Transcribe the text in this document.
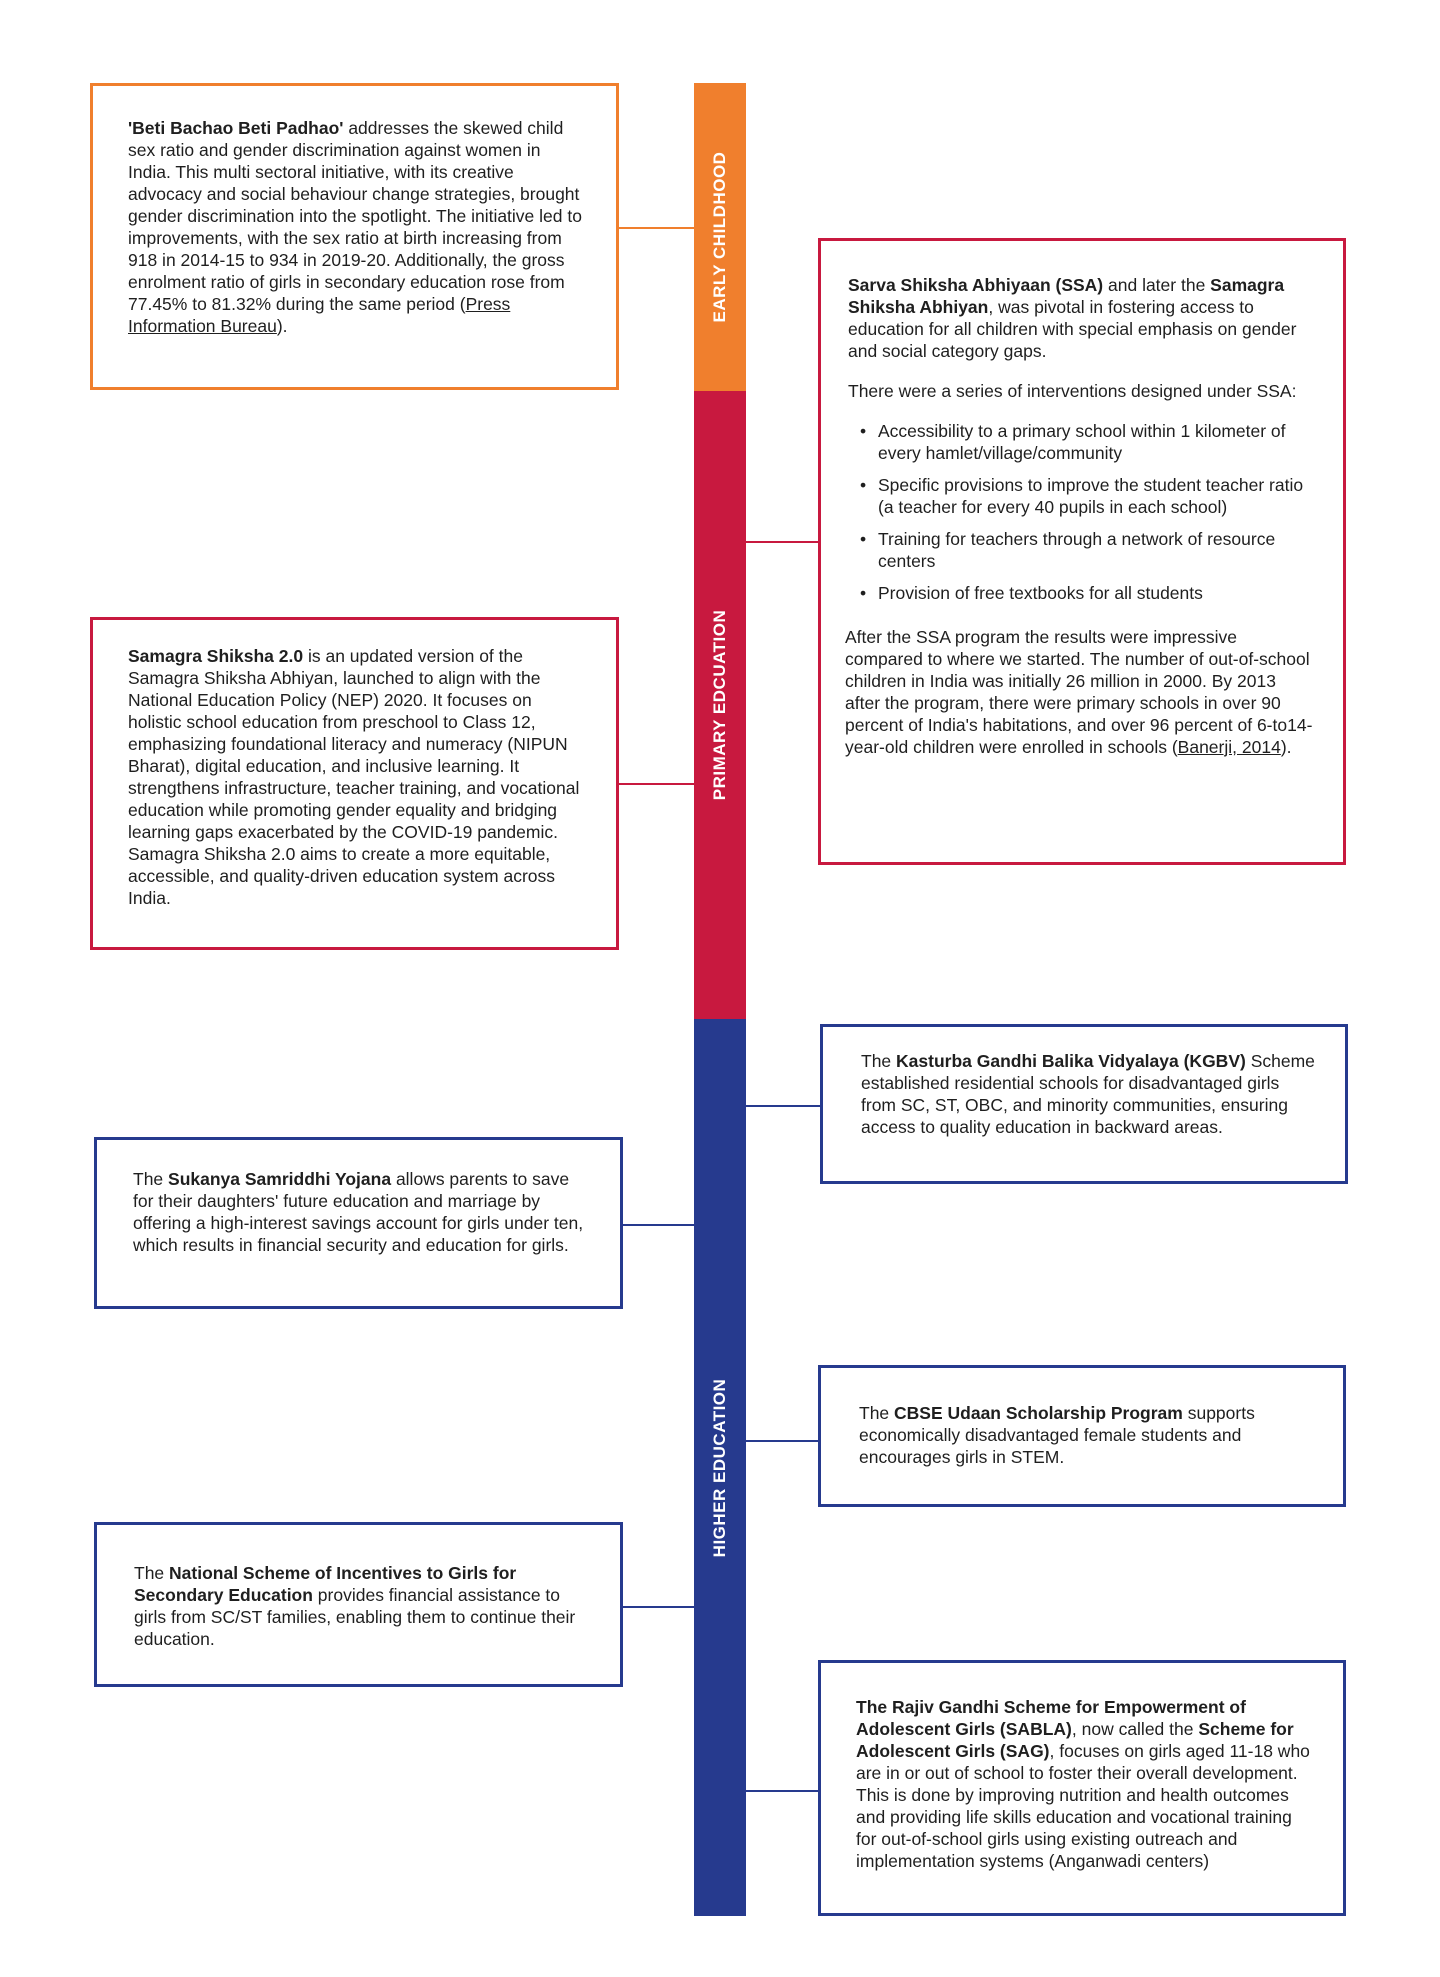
EARLY CHILDHOOD
PRIMARY EDCUATION
HIGHER EDUCATION

'Beti Bachao Beti Padhao' addresses the skewed child sex ratio and gender discrimination against women in India. This multi sectoral initiative, with its creative advocacy and social behaviour change strategies, brought gender discrimination into the spotlight. The initiative led to improvements, with the sex ratio at birth increasing from 918 in 2014-15 to 934 in 2019-20. Additionally, the gross enrolment ratio of girls in secondary education rose from 77.45% to 81.32% during the same period (Press Information Bureau).

Sarva Shiksha Abhiyaan (SSA) and later the Samagra Shiksha Abhiyan, was pivotal in fostering access to education for all children with special emphasis on gender and social category gaps.

There were a series of interventions designed under SSA:

• Accessibility to a primary school within 1 kilometer of every hamlet/village/community
• Specific provisions to improve the student teacher ratio (a teacher for every 40 pupils in each school)
• Training for teachers through a network of resource centers
• Provision of free textbooks for all students

After the SSA program the results were impressive compared to where we started. The number of out-of-school children in India was initially 26 million in 2000. By 2013 after the program, there were primary schools in over 90 percent of India's habitations, and over 96 percent of 6-to14-year-old children were enrolled in schools (Banerji, 2014).

Samagra Shiksha 2.0 is an updated version of the Samagra Shiksha Abhiyan, launched to align with the National Education Policy (NEP) 2020. It focuses on holistic school education from preschool to Class 12, emphasizing foundational literacy and numeracy (NIPUN Bharat), digital education, and inclusive learning. It strengthens infrastructure, teacher training, and vocational education while promoting gender equality and bridging learning gaps exacerbated by the COVID-19 pandemic. Samagra Shiksha 2.0 aims to create a more equitable, accessible, and quality-driven education system across India.

The Kasturba Gandhi Balika Vidyalaya (KGBV) Scheme established residential schools for disadvantaged girls from SC, ST, OBC, and minority communities, ensuring access to quality education in backward areas.

The Sukanya Samriddhi Yojana allows parents to save for their daughters' future education and marriage by offering a high-interest savings account for girls under ten, which results in financial security and education for girls.

The CBSE Udaan Scholarship Program supports economically disadvantaged female students and encourages girls in STEM.

The National Scheme of Incentives to Girls for Secondary Education provides financial assistance to girls from SC/ST families, enabling them to continue their education.

The Rajiv Gandhi Scheme for Empowerment of Adolescent Girls (SABLA), now called the Scheme for Adolescent Girls (SAG), focuses on girls aged 11-18 who are in or out of school to foster their overall development. This is done by improving nutrition and health outcomes and providing life skills education and vocational training for out-of-school girls using existing outreach and implementation systems (Anganwadi centers)
